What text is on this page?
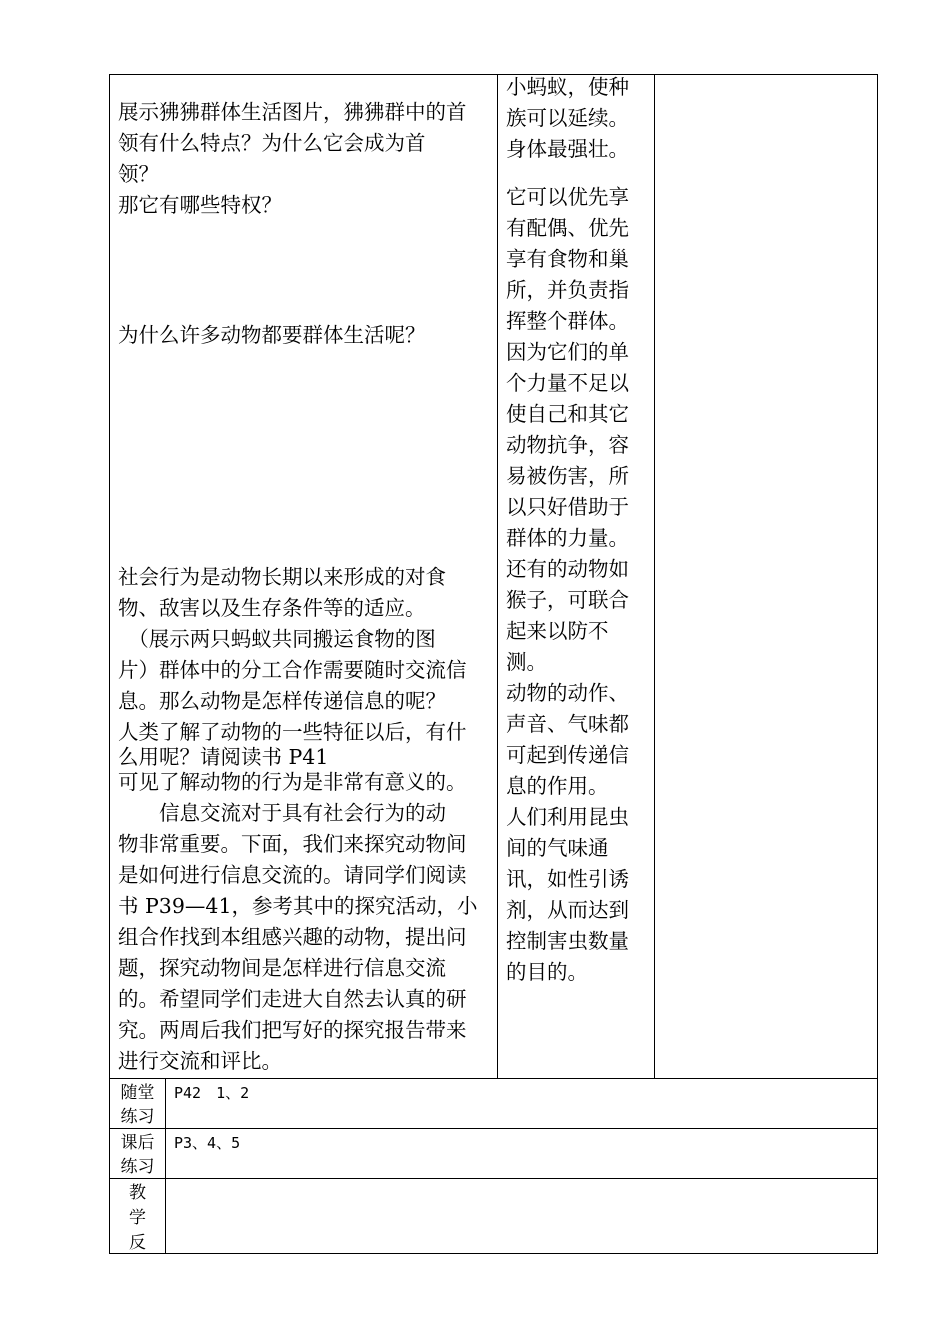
展示狒狒群体生活图片，狒狒群中的首
领有什么特点？为什么它会成为首
领？
那它有哪些特权？
为什么许多动物都要群体生活呢？
社会行为是动物长期以来形成的对食
物、敌害以及生存条件等的适应。
　（展示两只蚂蚁共同搬运食物的图
片）群体中的分工合作需要随时交流信
息。那么动物是怎样传递信息的呢？
人类了解了动物的一些特征以后，有什
么用呢？请阅读书 P41
可见了解动物的行为是非常有意义的。
　　信息交流对于具有社会行为的动
物非常重要。下面，我们来探究动物间
是如何进行信息交流的。请同学们阅读
书 P39—41，参考其中的探究活动，小
组合作找到本组感兴趣的动物，提出问
题，探究动物间是怎样进行信息交流
的。希望同学们走进大自然去认真的研
究。两周后我们把写好的探究报告带来
进行交流和评比。
小蚂蚁，使种
族可以延续。
身体最强壮。
它可以优先享
有配偶、优先
享有食物和巢
所，并负责指
挥整个群体。
因为它们的单
个力量不足以
使自己和其它
动物抗争，容
易被伤害，所
以只好借助于
群体的力量。
还有的动物如
猴子，可联合
起来以防不
测。
动物的动作、
声音、气味都
可起到传递信
息的作用。
人们利用昆虫
间的气味通
讯，如性引诱
剂，从而达到
控制害虫数量
的目的。
随堂
练习
P42　1、2
课后
练习
P3、4、5
教
学
反
